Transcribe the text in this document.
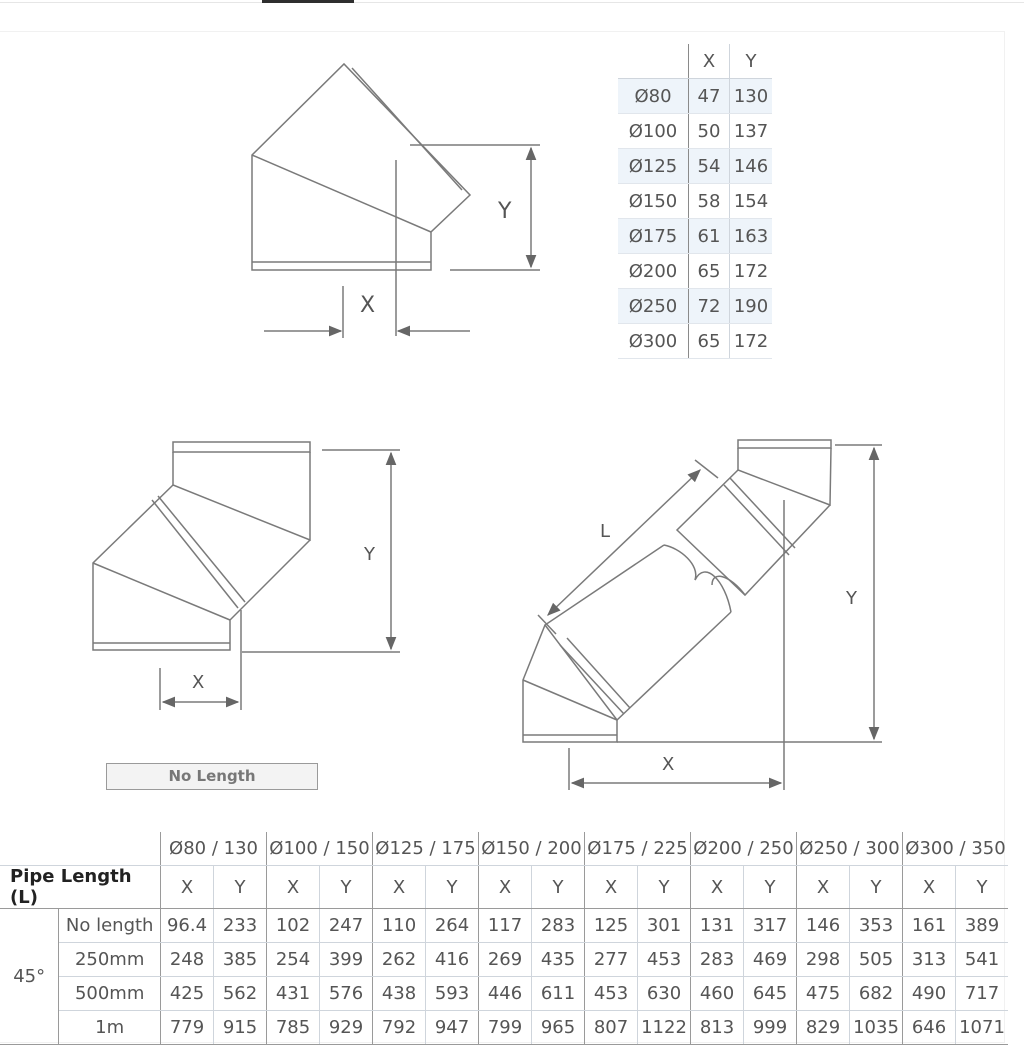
Y
X
Y
X
L
Y
X
	X	Y
Ø80	47	130
Ø100	50	137
Ø125	54	146
Ø150	58	154
Ø175	61	163
Ø200	65	172
Ø250	72	190
Ø300	65	172
No Length
		Ø80 / 130		Ø100 / 150		Ø125 / 175		Ø150 / 200		Ø175 / 225		Ø200 / 250		Ø250 / 300		Ø300 / 350	
Pipe Length (L)		X	Y	X	Y	X	Y	X	Y	X	Y	X	Y	X	Y	X	Y
45°	No length	96.4	233	102	247	110	264	117	283	125	301	131	317	146	353	161	389
	250mm	248	385	254	399	262	416	269	435	277	453	283	469	298	505	313	541
	500mm	425	562	431	576	438	593	446	611	453	630	460	645	475	682	490	717
	1m	779	915	785	929	792	947	799	965	807	1122	813	999	829	1035	646	1071
